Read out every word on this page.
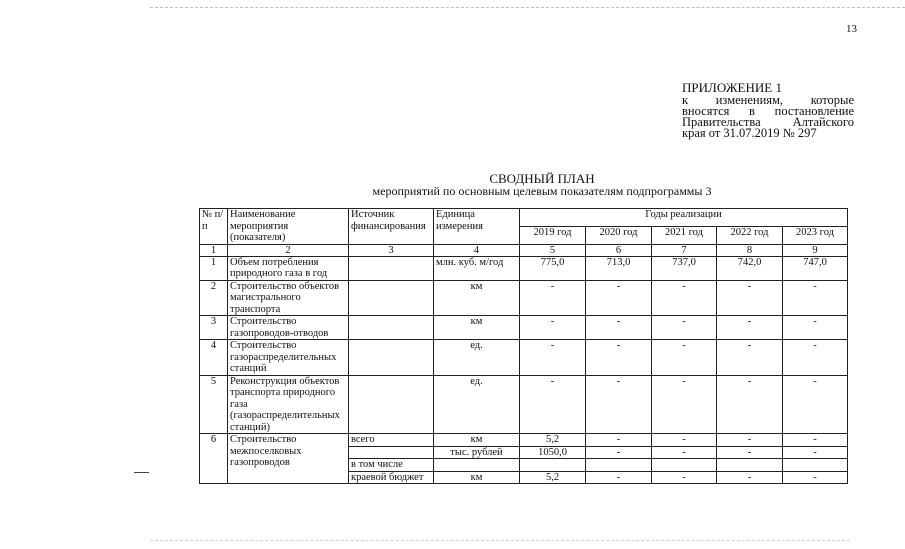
13
ПРИЛОЖЕНИЕ 1
к изменениям, которые
вносятся в постановление
Правительства Алтайского
края от 31.07.2019 № 297
СВОДНЫЙ ПЛАН
мероприятий по основным целевым показателям подпрограммы 3
№ п/п	Наименование мероприятия (показателя)	Источник финансирования	Единица измерения	Годы реализации				
				2019 год	2020 год	2021 год	2022 год	2023 год
1	2	3	4	5	6	7	8	9
1	Объем потребления природного газа в год		млн. куб. м/год	775,0	713,0	737,0	742,0	747,0
2	Строительство объектов магистрального транспорта		км	-	-	-	-	-
3	Строительство газопроводов-отводов		км	-	-	-	-	-
4	Строительство газораспределительных станций		ед.	-	-	-	-	-
5	Реконструкция объектов транспорта природного газа (газораспределительных станций)		ед.	-	-	-	-	-
6	Строительство межпоселковых газопроводов	всего	км	5,2	-	-	-	-
			тыс. рублей	1050,0	-	-	-	-
		в том числе						
		краевой бюджет	км	5,2	-	-	-	-
